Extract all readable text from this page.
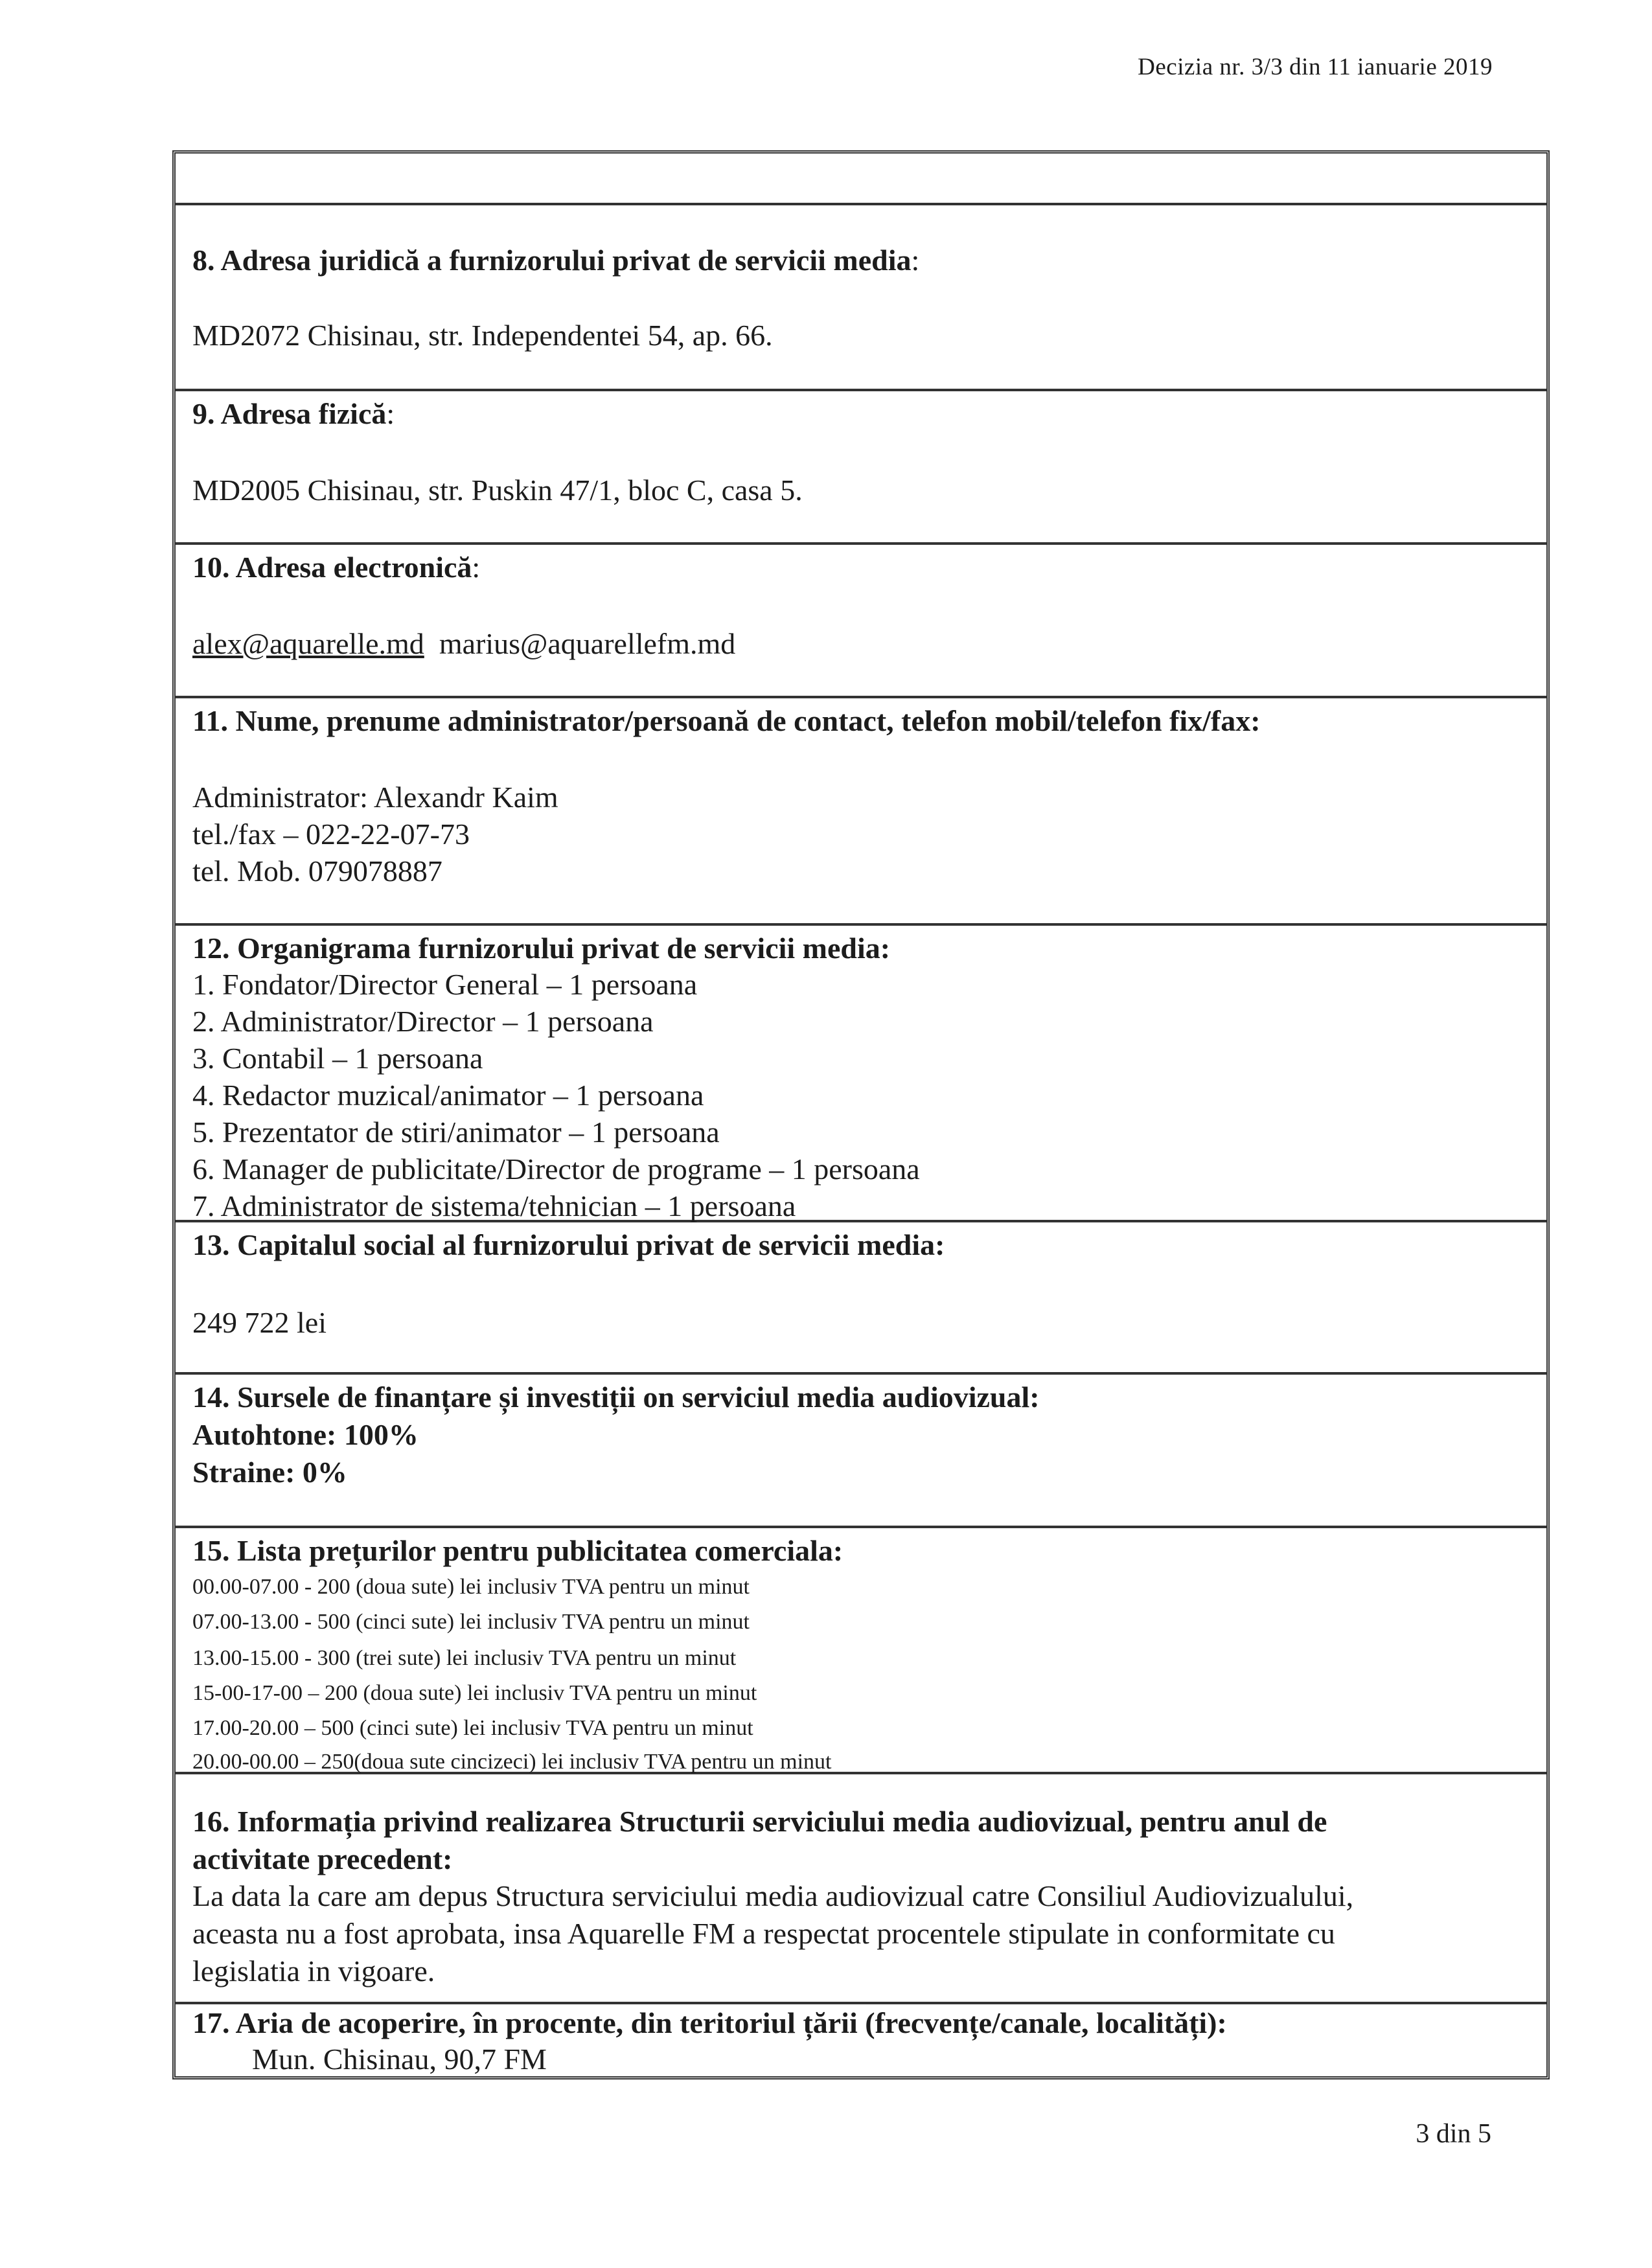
Decizia nr. 3/3 din 11 ianuarie 2019
8. Adresa juridică a furnizorului privat de servicii media:
MD2072 Chisinau, str. Independentei 54, ap. 66.
9. Adresa fizică:
MD2005 Chisinau, str. Puskin 47/1, bloc C, casa 5.
10. Adresa electronică:
alex@aquarelle.md marius@aquarellefm.md
11. Nume, prenume administrator/persoană de contact, telefon mobil/telefon fix/fax:
Administrator: Alexandr Kaim
tel./fax – 022-22-07-73
tel. Mob. 079078887
12. Organigrama furnizorului privat de servicii media:
1. Fondator/Director General – 1 persoana
2. Administrator/Director – 1 persoana
3. Contabil – 1 persoana
4. Redactor muzical/animator – 1 persoana
5. Prezentator de stiri/animator – 1 persoana
6. Manager de publicitate/Director de programe – 1 persoana
7. Administrator de sistema/tehnician – 1 persoana
13. Capitalul social al furnizorului privat de servicii media:
249 722 lei
14. Sursele de finanțare și investiții on serviciul media audiovizual:
Autohtone: 100%
Straine: 0%
15. Lista prețurilor pentru publicitatea comerciala:
00.00-07.00 - 200 (doua sute) lei inclusiv TVA pentru un minut
07.00-13.00 - 500 (cinci sute) lei inclusiv TVA pentru un minut
13.00-15.00 - 300 (trei sute) lei inclusiv TVA pentru un minut
15-00-17-00 – 200 (doua sute) lei inclusiv TVA pentru un minut
17.00-20.00 – 500 (cinci sute) lei inclusiv TVA pentru un minut
20.00-00.00 – 250(doua sute cincizeci) lei inclusiv TVA pentru un minut
16. Informația privind realizarea Structurii serviciului media audiovizual, pentru anul de
activitate precedent:
La data la care am depus Structura serviciului media audiovizual catre Consiliul Audiovizualului,
aceasta nu a fost aprobata, insa Aquarelle FM a respectat procentele stipulate in conformitate cu
legislatia in vigoare.
17. Aria de acoperire, în procente, din teritoriul țării (frecvențe/canale, localități):
Mun. Chisinau, 90,7 FM
3 din 5
